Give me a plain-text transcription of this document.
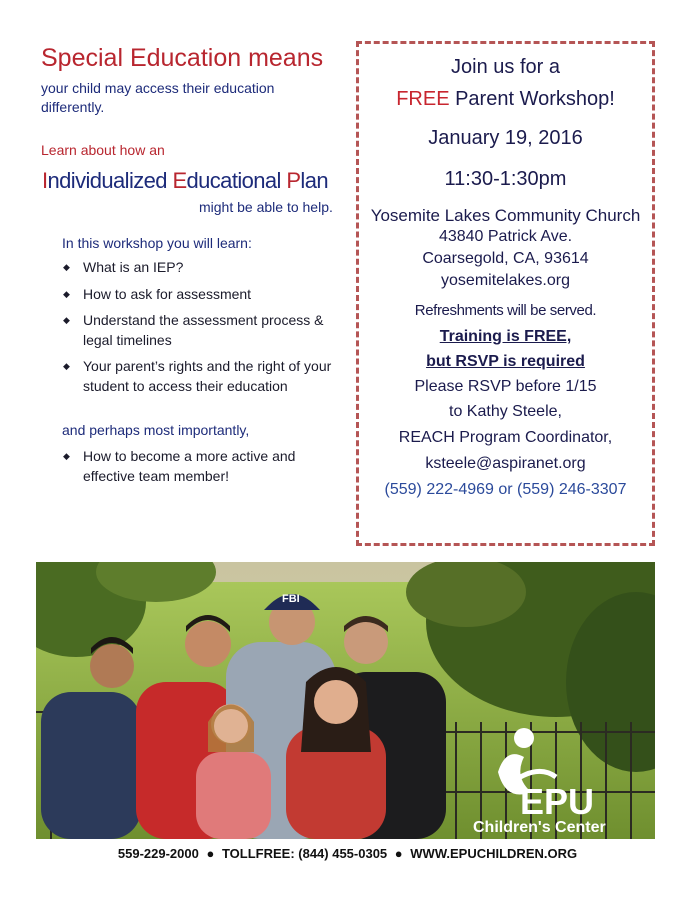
Special Education means
your child may access their education differently.
Learn about how an
Individualized Educational Plan
might be able to help.
In this workshop you will learn:
◆ What is an IEP?
◆ How to ask for assessment
◆ Understand the assessment process & legal timelines
◆ Your parent’s rights and the right of your student to access their education
and perhaps most importantly,
◆ How to become a more active and effective team member!
Join us for a
FREE Parent Workshop!
January 19, 2016
11:30-1:30pm
Yosemite Lakes Community Church
43840 Patrick Ave.
Coarsegold, CA, 93614
yosemitelakes.org
Refreshments will be served.
Training is FREE,
but RSVP is required
Please RSVP before 1/15
to Kathy Steele,
REACH Program Coordinator,
ksteele@aspiranet.org
(559) 222-4969 or (559) 246-3307
FBI
EPU
Children's Center
559-229-2000 ● TOLLFREE: (844) 455-0305 ● WWW.EPUCHILDREN.ORG
